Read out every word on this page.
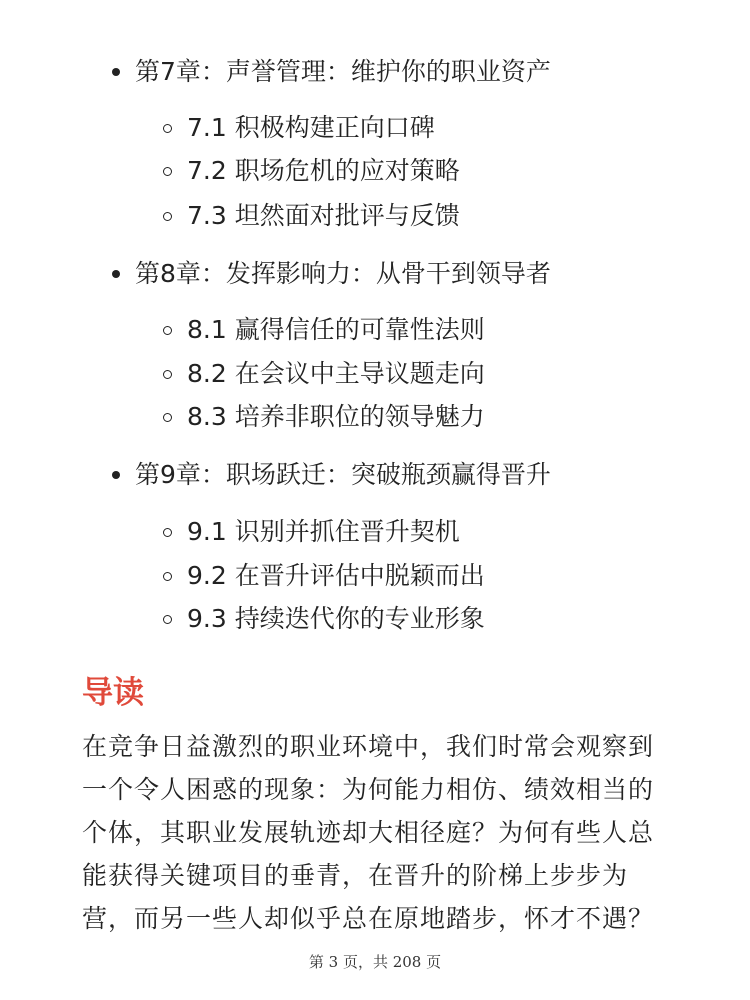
第7章：声誉管理：维护你的职业资产
7.1 积极构建正向口碑
7.2 职场危机的应对策略
7.3 坦然面对批评与反馈
第8章：发挥影响力：从骨干到领导者
8.1 赢得信任的可靠性法则
8.2 在会议中主导议题走向
8.3 培养非职位的领导魅力
第9章：职场跃迁：突破瓶颈赢得晋升
9.1 识别并抓住晋升契机
9.2 在晋升评估中脱颖而出
9.3 持续迭代你的专业形象
导读
在竞争日益激烈的职业环境中，我们时常会观察到
一个令人困惑的现象：为何能力相仿、绩效相当的
个体，其职业发展轨迹却大相径庭？为何有些人总
能获得关键项目的垂青，在晋升的阶梯上步步为
营，而另一些人却似乎总在原地踏步，怀才不遇？
第 3 页，共 208 页
